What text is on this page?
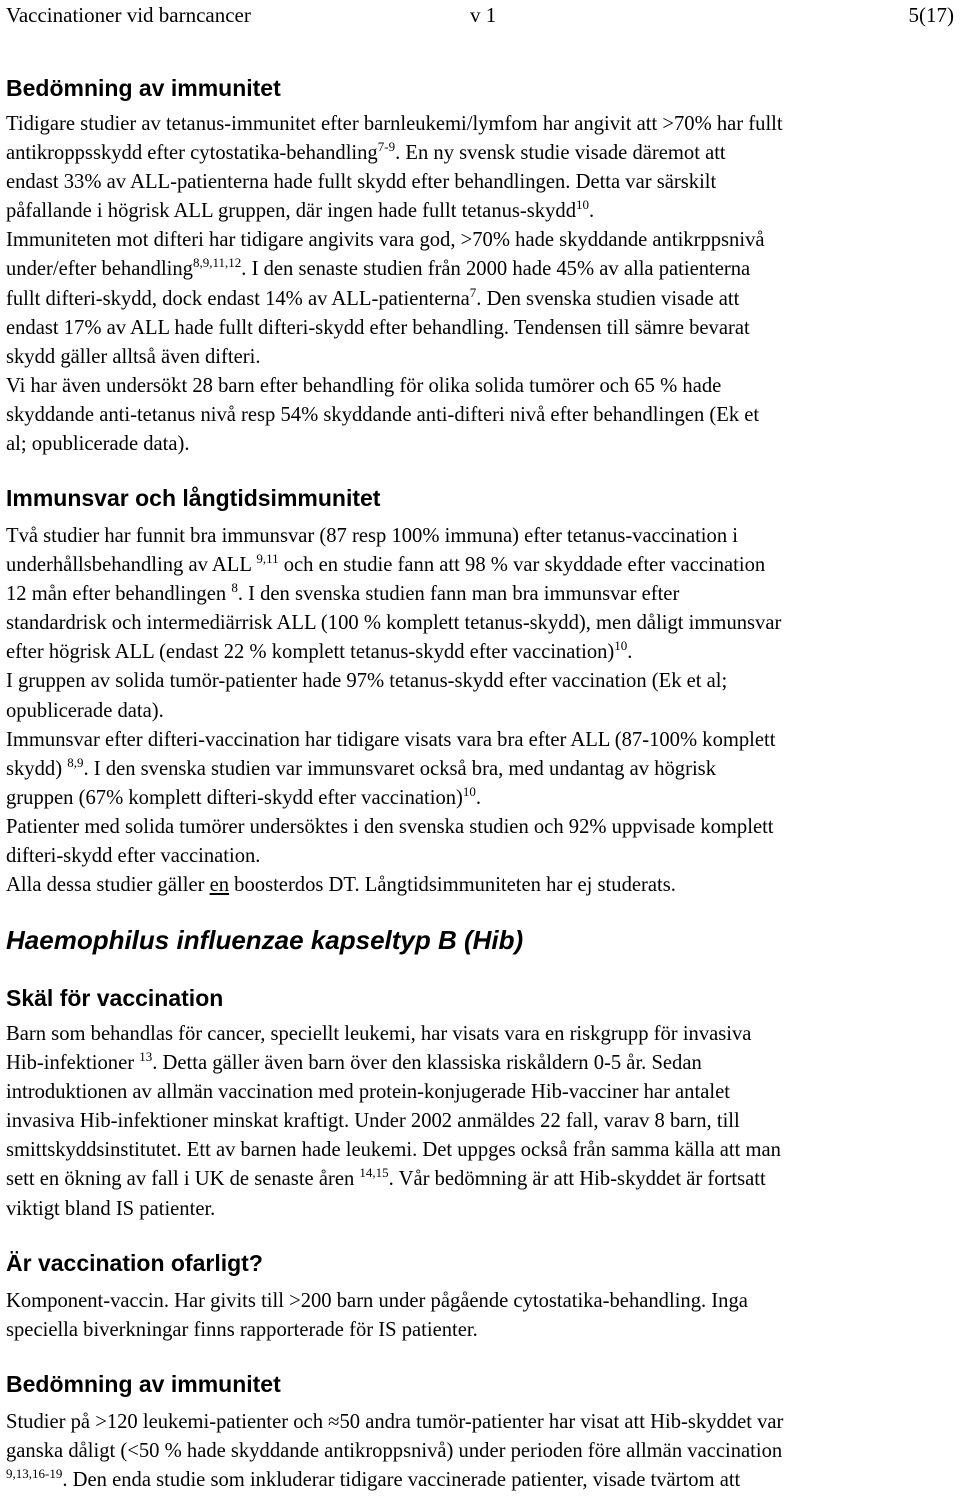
Vaccinationer vid barncancer	v 1	5(17)
Bedömning av immunitet
Tidigare studier av tetanus-immunitet efter barnleukemi/lymfom har angivit att >70% har fullt
antikroppsskydd efter cytostatika-behandling$^{7-9}$. En ny svensk studie visade däremot att
endast 33% av ALL-patienterna hade fullt skydd efter behandlingen. Detta var särskilt
påfallande i högrisk ALL gruppen, där ingen hade fullt tetanus-skydd$^{10}$.
Immuniteten mot difteri har tidigare angivits vara god, >70% hade skyddande antikrppsnivå
under/efter behandling$^{8,9,11,12}$. I den senaste studien från 2000 hade 45% av alla patienterna
fullt difteri-skydd, dock endast 14% av ALL-patienterna$^7$. Den svenska studien visade att
endast 17% av ALL hade fullt difteri-skydd efter behandling. Tendensen till sämre bevarat
skydd gäller alltså även difteri.
Vi har även undersökt 28 barn efter behandling för olika solida tumörer och 65 % hade
skyddande anti-tetanus nivå resp 54% skyddande anti-difteri nivå efter behandlingen (Ek et
al; opublicerade data).
Immunsvar och långtidsimmunitet
Två studier har funnit bra immunsvar (87 resp 100% immuna) efter tetanus-vaccination i
underhållsbehandling av ALL $^{9,11}$ och en studie fann att 98 % var skyddade efter vaccination
12 mån efter behandlingen $^8$. I den svenska studien fann man bra immunsvar efter
standardrisk och intermediärrisk ALL (100 % komplett tetanus-skydd), men dåligt immunsvar
efter högrisk ALL (endast 22 % komplett tetanus-skydd efter vaccination)$^{10}$.
I gruppen av solida tumör-patienter hade 97% tetanus-skydd efter vaccination (Ek et al;
opublicerade data).
Immunsvar efter difteri-vaccination har tidigare visats vara bra efter ALL (87-100% komplett
skydd) $^{8,9}$. I den svenska studien var immunsvaret också bra, med undantag av högrisk
gruppen (67% komplett difteri-skydd efter vaccination)$^{10}$.
Patienter med solida tumörer undersöktes i den svenska studien och 92% uppvisade komplett
difteri-skydd efter vaccination.
Alla dessa studier gäller en boosterdos DT. Långtidsimmuniteten har ej studerats.
Haemophilus influenzae kapseltyp B (Hib)
Skäl för vaccination
Barn som behandlas för cancer, speciellt leukemi, har visats vara en riskgrupp för invasiva
Hib-infektioner $^{13}$. Detta gäller även barn över den klassiska riskåldern 0-5 år. Sedan
introduktionen av allmän vaccination med protein-konjugerade Hib-vacciner har antalet
invasiva Hib-infektioner minskat kraftigt. Under 2002 anmäldes 22 fall, varav 8 barn, till
smittskyddsinstitutet. Ett av barnen hade leukemi. Det uppges också från samma källa att man
sett en ökning av fall i UK de senaste åren $^{14,15}$. Vår bedömning är att Hib-skyddet är fortsatt
viktigt bland IS patienter.
Är vaccination ofarligt?
Komponent-vaccin. Har givits till >200 barn under pågående cytostatika-behandling. Inga
speciella biverkningar finns rapporterade för IS patienter.
Bedömning av immunitet
Studier på >120 leukemi-patienter och ≈50 andra tumör-patienter har visat att Hib-skyddet var
ganska dåligt (<50 % hade skyddande antikroppsnivå) under perioden före allmän vaccination
$^{9,13,16-19}$. Den enda studie som inkluderar tidigare vaccinerade patienter, visade tvärtom att
